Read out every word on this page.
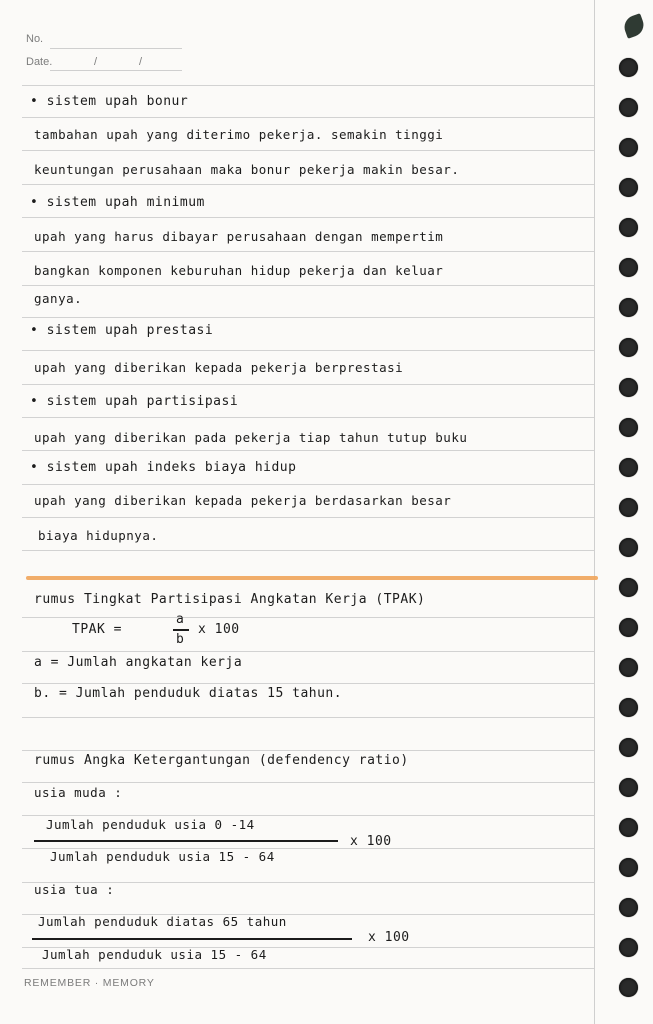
No.
Date.	/	/
• sistem upah bonur
tambahan upah yang diterimo pekerja. semakin tinggi
keuntungan perusahaan maka bonur pekerja makin besar.
• sistem upah minimum
upah yang harus dibayar perusahaan dengan mempertim
bangkan komponen keburuhan hidup pekerja dan keluar
ganya.
• sistem upah prestasi
upah yang diberikan kepada pekerja berprestasi
• sistem upah partisipasi
upah yang diberikan pada pekerja tiap tahun tutup buku
• sistem upah indeks biaya hidup
upah yang diberikan kepada pekerja berdasarkan besar
biaya hidupnya.
rumus Tingkat Partisipasi Angkatan Kerja (TPAK)
TPAK =
a
b
x 100
a = Jumlah angkatan kerja
b. = Jumlah penduduk diatas 15 tahun.
rumus Angka Ketergantungan (defendency ratio)
usia muda :
Jumlah penduduk usia 0 -14
Jumlah penduduk usia 15 - 64
x 100
usia tua :
Jumlah penduduk diatas 65 tahun
Jumlah penduduk usia 15 - 64
x 100
REMEMBER · MEMORY
